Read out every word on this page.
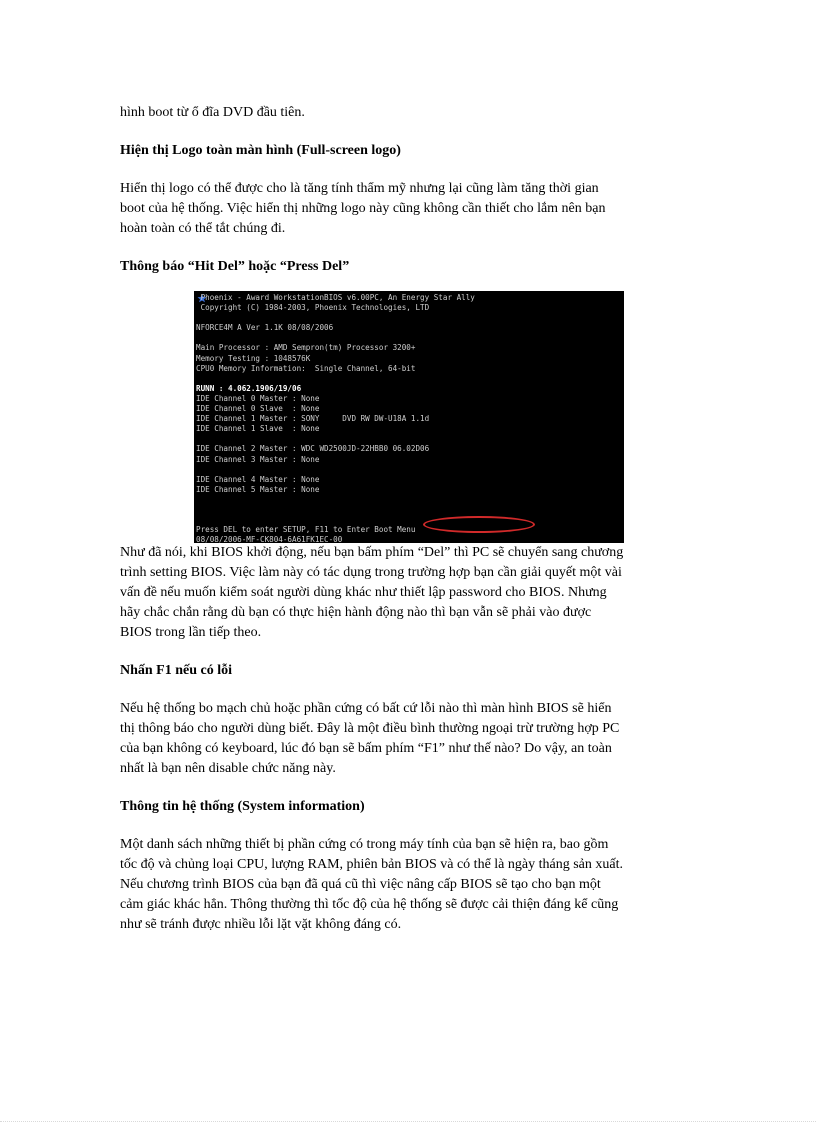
hình boot từ ổ đĩa DVD đầu tiên.

Hiện thị Logo toàn màn hình (Full-screen logo)

Hiển thị logo có thể được cho là tăng tính thẩm mỹ nhưng lại cũng làm tăng thời gian
boot của hệ thống. Việc hiển thị những logo này cũng không cần thiết cho lắm nên bạn
hoàn toàn có thể tắt chúng đi.

Thông báo “Hit Del” hoặc “Press Del”
Phoenix - Award WorkstationBIOS v6.00PC, An Energy Star Ally
Copyright (C) 1984-2003, Phoenix Technologies, LTD

NFORCE4M A Ver 1.1K 08/08/2006

Main Processor : AMD Sempron(tm) Processor 3200+
Memory Testing : 1048576K
CPU0 Memory Information:  Single Channel, 64-bit

RUNN : 4.062.1906/19/06
IDE Channel 0 Master : None
IDE Channel 0 Slave  : None
IDE Channel 1 Master : SONY     DVD RW DW-U18A 1.1d
IDE Channel 1 Slave  : None

IDE Channel 2 Master : WDC WD2500JD-22HBB0 06.02D06
IDE Channel 3 Master : None

IDE Channel 4 Master : None
IDE Channel 5 Master : None

Press DEL to enter SETUP, F11 to Enter Boot Menu
08/08/2006-MF-CK804-6A61FK1EC-00

Như đã nói, khi BIOS khởi động, nếu bạn bấm phím “Del” thì PC sẽ chuyển sang chương
trình setting BIOS. Việc làm này có tác dụng trong trường hợp bạn cần giải quyết một vài
vấn đề nếu muốn kiểm soát người dùng khác như thiết lập password cho BIOS. Nhưng
hãy chắc chắn rằng dù bạn có thực hiện hành động nào thì bạn vẫn sẽ phải vào được
BIOS trong lần tiếp theo.

Nhấn F1 nếu có lỗi

Nếu hệ thống bo mạch chủ hoặc phần cứng có bất cứ lỗi nào thì màn hình BIOS sẽ hiển
thị thông báo cho người dùng biết. Đây là một điều bình thường ngoại trừ trường hợp PC
của bạn không có keyboard, lúc đó bạn sẽ bấm phím “F1” như thế nào? Do vậy, an toàn
nhất là bạn nên disable chức năng này.

Thông tin hệ thống (System information)

Một danh sách những thiết bị phần cứng có trong máy tính của bạn sẽ hiện ra, bao gồm
tốc độ và chủng loại CPU, lượng RAM, phiên bản BIOS và có thể là ngày tháng sản xuất.
Nếu chương trình BIOS của bạn đã quá cũ thì việc nâng cấp BIOS sẽ tạo cho bạn một
cảm giác khác hẳn. Thông thường thì tốc độ của hệ thống sẽ được cải thiện đáng kể cũng
như sẽ tránh được nhiều lỗi lặt vặt không đáng có.
